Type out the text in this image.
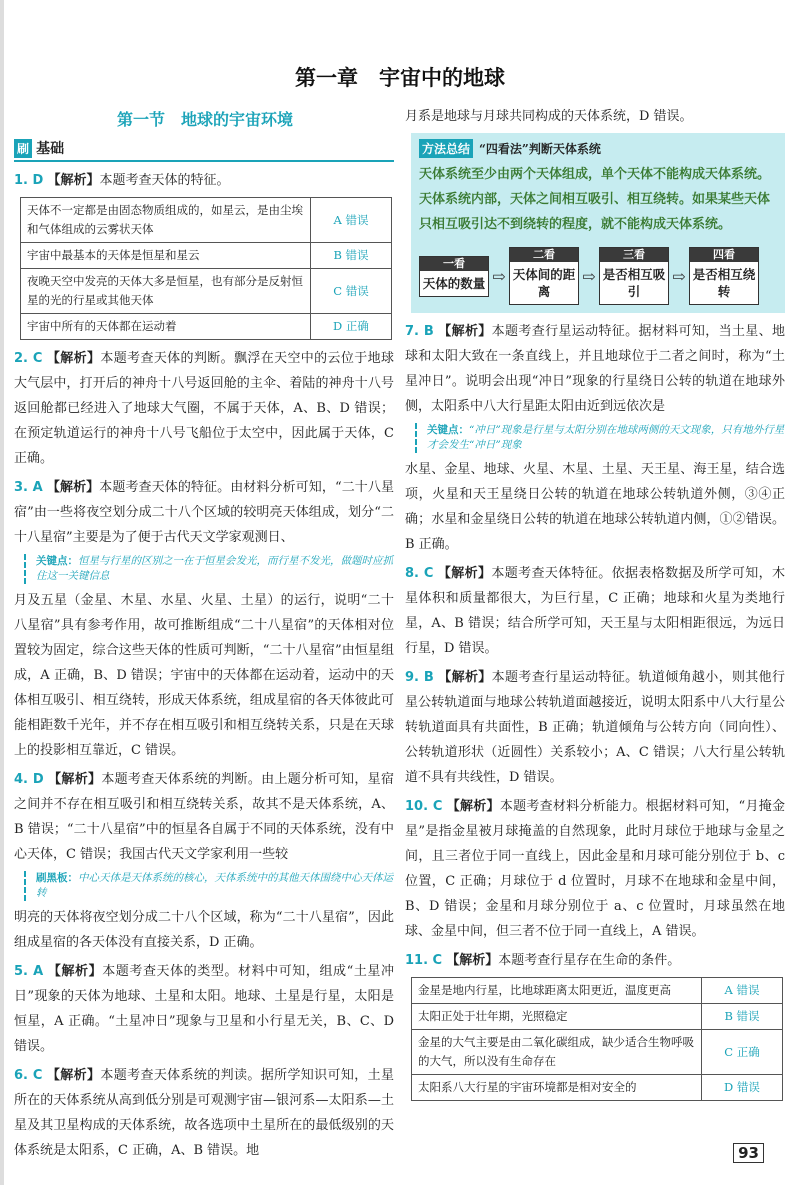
第一章　宇宙中的地球
第一节　地球的宇宙环境
刷 基础
1. D 【解析】本题考查天体的特征。
天体不一定都是由固态物质组成的，如星云，是由尘埃和气体组成的云雾状天体	A 错误
宇宙中最基本的天体是恒星和星云	B 错误
夜晚天空中发亮的天体大多是恒星，也有部分是反射恒星的光的行星或其他天体	C 错误
宇宙中所有的天体都在运动着	D 正确
2. C 【解析】本题考查天体的判断。飘浮在天空中的云位于地球大气层中，打开后的神舟十八号返回舱的主伞、着陆的神舟十八号返回舱都已经进入了地球大气圈，不属于天体，A、B、D 错误；在预定轨道运行的神舟十八号飞船位于太空中，因此属于天体，C 正确。
3. A 【解析】本题考查天体的特征。由材料分析可知，“二十八星宿”由一些将夜空划分成二十八个区域的较明亮天体组成，划分“二十八星宿”主要是为了便于古代天文学家观测日、
关键点：恒星与行星的区别之一在于恒星会发光，而行星不发光，做题时应抓住这一关键信息
月及五星（金星、木星、水星、火星、土星）的运行，说明“二十八星宿”具有参考作用，故可推断组成“二十八星宿”的天体相对位置较为固定，综合这些天体的性质可判断，“二十八星宿”由恒星组成，A 正确，B、D 错误；宇宙中的天体都在运动着，运动中的天体相互吸引、相互绕转，形成天体系统，组成星宿的各天体彼此可能相距数千光年，并不存在相互吸引和相互绕转关系，只是在天球上的投影相互靠近，C 错误。
4. D 【解析】本题考查天体系统的判断。由上题分析可知，星宿之间并不存在相互吸引和相互绕转关系，故其不是天体系统，A、B 错误；“二十八星宿”中的恒星各自属于不同的天体系统，没有中心天体，C 错误；我国古代天文学家利用一些较
刷黑板：中心天体是天体系统的核心，天体系统中的其他天体围绕中心天体运转
明亮的天体将夜空划分成二十八个区域，称为“二十八星宿”，因此组成星宿的各天体没有直接关系，D 正确。
5. A 【解析】本题考查天体的类型。材料中可知，组成“土星冲日”现象的天体为地球、土星和太阳。地球、土星是行星，太阳是恒星，A 正确。“土星冲日”现象与卫星和小行星无关，B、C、D 错误。
6. C 【解析】本题考查天体系统的判读。据所学知识可知，土星所在的天体系统从高到低分别是可观测宇宙—银河系—太阳系—土星及其卫星构成的天体系统，故各选项中土星所在的最低级别的天体系统是太阳系，C 正确，A、B 错误。地
月系是地球与月球共同构成的天体系统，D 错误。
方法总结 “四看法”判断天体系统
天体系统至少由两个天体组成，单个天体不能构成天体系统。天体系统内部，天体之间相互吸引、相互绕转。如果某些天体只相互吸引达不到绕转的程度，就不能构成天体系统。
一看
天体的数量 ⇨
二看
天体间的距离
⇨
三看
是否相互吸引
⇨
四看
是否相互绕转
7. B 【解析】本题考查行星运动特征。据材料可知，当土星、地球和太阳大致在一条直线上，并且地球位于二者之间时，称为“土星冲日”。说明会出现“冲日”现象的行星绕日公转的轨道在地球外侧，太阳系中八大行星距太阳由近到远依次是
关键点：“冲日”现象是行星与太阳分别在地球两侧的天文现象，只有地外行星才会发生“冲日”现象
水星、金星、地球、火星、木星、土星、天王星、海王星，结合选项，火星和天王星绕日公转的轨道在地球公转轨道外侧，③④正确；水星和金星绕日公转的轨道在地球公转轨道内侧，①②错误。B 正确。
8. C 【解析】本题考查天体特征。依据表格数据及所学可知，木星体积和质量都很大，为巨行星，C 正确；地球和火星为类地行星，A、B 错误；结合所学可知，天王星与太阳相距很远，为远日行星，D 错误。
9. B 【解析】本题考查行星运动特征。轨道倾角越小，则其他行星公转轨道面与地球公转轨道面越接近，说明太阳系中八大行星公转轨道面具有共面性，B 正确；轨道倾角与公转方向（同向性）、公转轨道形状（近圆性）关系较小；A、C 错误；八大行星公转轨道不具有共线性，D 错误。
10. C 【解析】本题考查材料分析能力。根据材料可知，“月掩金星”是指金星被月球掩盖的自然现象，此时月球位于地球与金星之间，且三者位于同一直线上，因此金星和月球可能分别位于 b、c 位置，C 正确；月球位于 d 位置时，月球不在地球和金星中间，B、D 错误；金星和月球分别位于 a、c 位置时，月球虽然在地球、金星中间，但三者不位于同一直线上，A 错误。
11. C 【解析】本题考查行星存在生命的条件。
金星是地内行星，比地球距离太阳更近，温度更高	A 错误
太阳正处于壮年期，光照稳定	B 错误
金星的大气主要是由二氧化碳组成，缺少适合生物呼吸的大气，所以没有生命存在	C 正确
太阳系八大行星的宇宙环境都是相对安全的	D 错误
93
